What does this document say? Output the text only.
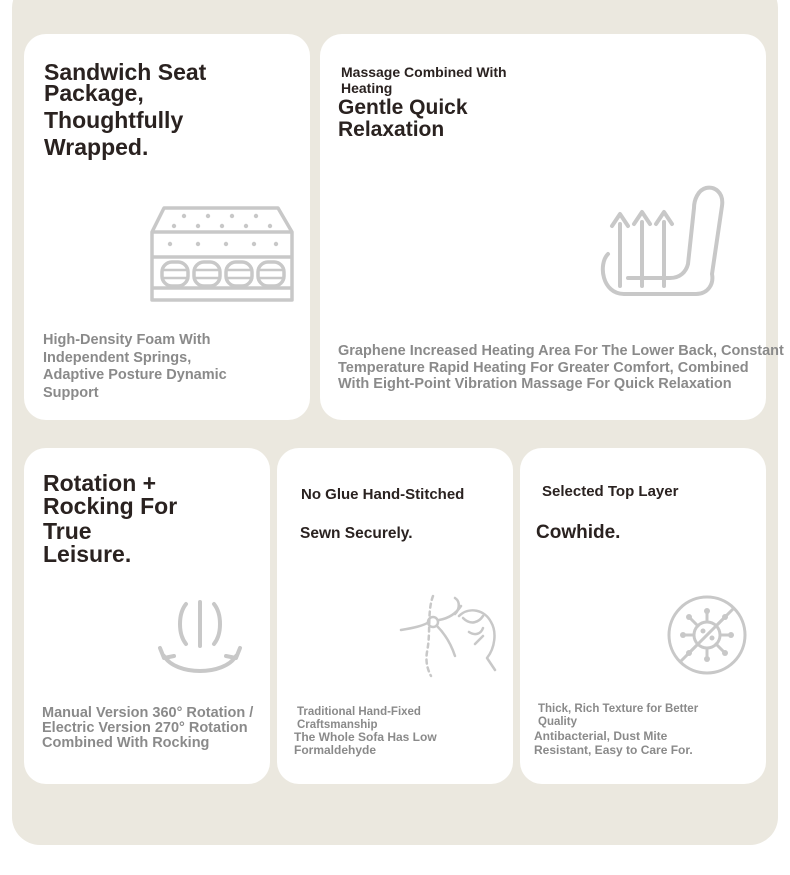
Sandwich Seat
Package,
Thoughtfully
Wrapped.
High-Density Foam With
Independent Springs,
Adaptive Posture Dynamic
Support
Massage Combined With
Heating
Gentle Quick
Relaxation
Graphene Increased Heating Area For The Lower Back, Constant
Temperature Rapid Heating For Greater Comfort, Combined
With Eight-Point Vibration Massage For Quick Relaxation
Rotation +
Rocking For
True
Leisure.
Manual Version 360° Rotation /
Electric Version 270° Rotation
Combined With Rocking
No Glue Hand-Stitched
Sewn Securely.
Traditional Hand-Fixed
Craftsmanship
The Whole Sofa Has Low
Formaldehyde
Selected Top Layer
Cowhide.
Thick, Rich Texture for Better
Quality
Antibacterial, Dust Mite
Resistant, Easy to Care For.
